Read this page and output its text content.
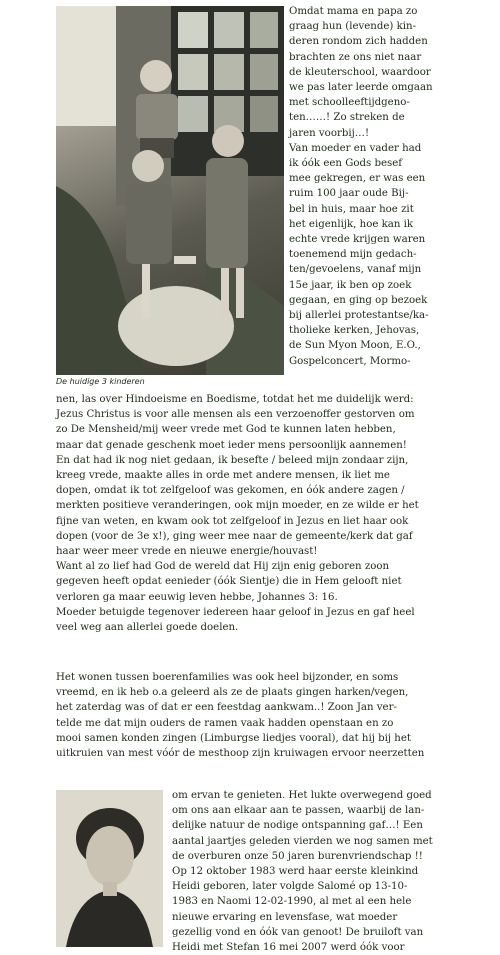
De huidige 3 kinderen
Omdat mama en papa zo
graag hun (levende) kin-
deren rondom zich hadden
brachten ze ons niet naar
de kleuterschool, waardoor
we pas later leerde omgaan
met schoolleeftijdgeno-
ten……! Zo streken de
jaren voorbij…!
Van moeder en vader had
ik óók een Gods besef
mee gekregen, er was een
ruim 100 jaar oude Bij-
bel in huis, maar hoe zit
het eigenlijk, hoe kan ik
echte vrede krijgen waren
toenemend mijn gedach-
ten/gevoelens, vanaf mijn
15e jaar, ik ben op zoek
gegaan, en ging op bezoek
bij allerlei protestantse/ka-
tholieke kerken, Jehovas,
de Sun Myon Moon, E.O.,
Gospelconcert, Mormo-
nen, las over Hindoeisme en Boedisme, totdat het me duidelijk werd:
Jezus Christus is voor alle mensen als een verzoenoffer gestorven om
zo De Mensheid/mij weer vrede met God te kunnen laten hebben,
maar dat genade geschenk moet ieder mens persoonlijk aannemen!
En dat had ik nog niet gedaan, ik besefte / beleed mijn zondaar zijn,
kreeg vrede, maakte alles in orde met andere mensen, ik liet me
dopen, omdat ik tot zelfgeloof was gekomen, en óók andere zagen /
merkten positieve veranderingen, ook mijn moeder, en ze wilde er het
fijne van weten, en kwam ook tot zelfgeloof in Jezus en liet haar ook
dopen (voor de 3e x!), ging weer mee naar de gemeente/kerk dat gaf
haar weer meer vrede en nieuwe energie/houvast!
Want al zo lief had God de wereld dat Hij zijn enig geboren zoon
gegeven heeft opdat eenieder (óók Sientje) die in Hem gelooft niet
verloren ga maar eeuwig leven hebbe, Johannes 3: 16.
Moeder betuigde tegenover iedereen haar geloof in Jezus en gaf heel
veel weg aan allerlei goede doelen.
Het wonen tussen boerenfamilies was ook heel bijzonder, en soms
vreemd, en ik heb o.a geleerd als ze de plaats gingen harken/vegen,
het zaterdag was of dat er een feestdag aankwam..! Zoon Jan ver-
telde me dat mijn ouders de ramen vaak hadden openstaan en zo
mooi samen konden zingen (Limburgse liedjes vooral), dat hij bij het
uitkruien van mest vóór de mesthoop zijn kruiwagen ervoor neerzetten
om ervan te genieten. Het lukte overwegend goed
om ons aan elkaar aan te passen, waarbij de lan-
delijke natuur de nodige ontspanning gaf…! Een
aantal jaartjes geleden vierden we nog samen met
de overburen onze 50 jaren burenvriendschap !!
Op 12 oktober 1983 werd haar eerste kleinkind
Heidi geboren, later volgde Salomé op 13-10-
1983 en Naomi 12-02-1990, al met al een hele
nieuwe ervaring en levensfase, wat moeder
gezellig vond en óók van genoot! De bruiloft van
Heidi met Stefan 16 mei 2007 werd óók voor
